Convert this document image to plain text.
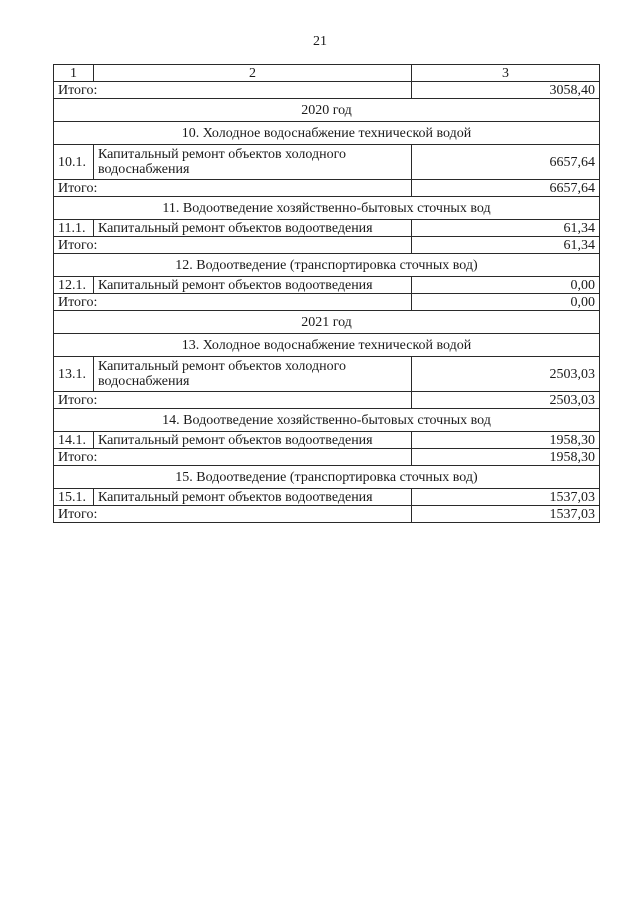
21
1	2	3
Итого:		3058,40
2020 год		
10. Холодное водоснабжение технической водой		
10.1.	Капитальный ремонт объектов холодного водоснабжения	6657,64
Итого:		6657,64
11. Водоотведение хозяйственно-бытовых сточных вод		
11.1.	Капитальный ремонт объектов водоотведения	61,34
Итого:		61,34
12. Водоотведение (транспортировка сточных вод)		
12.1.	Капитальный ремонт объектов водоотведения	0,00
Итого:		0,00
2021 год		
13. Холодное водоснабжение технической водой		
13.1.	Капитальный ремонт объектов холодного водоснабжения	2503,03
Итого:		2503,03
14. Водоотведение хозяйственно-бытовых сточных вод		
14.1.	Капитальный ремонт объектов водоотведения	1958,30
Итого:		1958,30
15. Водоотведение (транспортировка сточных вод)		
15.1.	Капитальный ремонт объектов водоотведения	1537,03
Итого:		1537,03
